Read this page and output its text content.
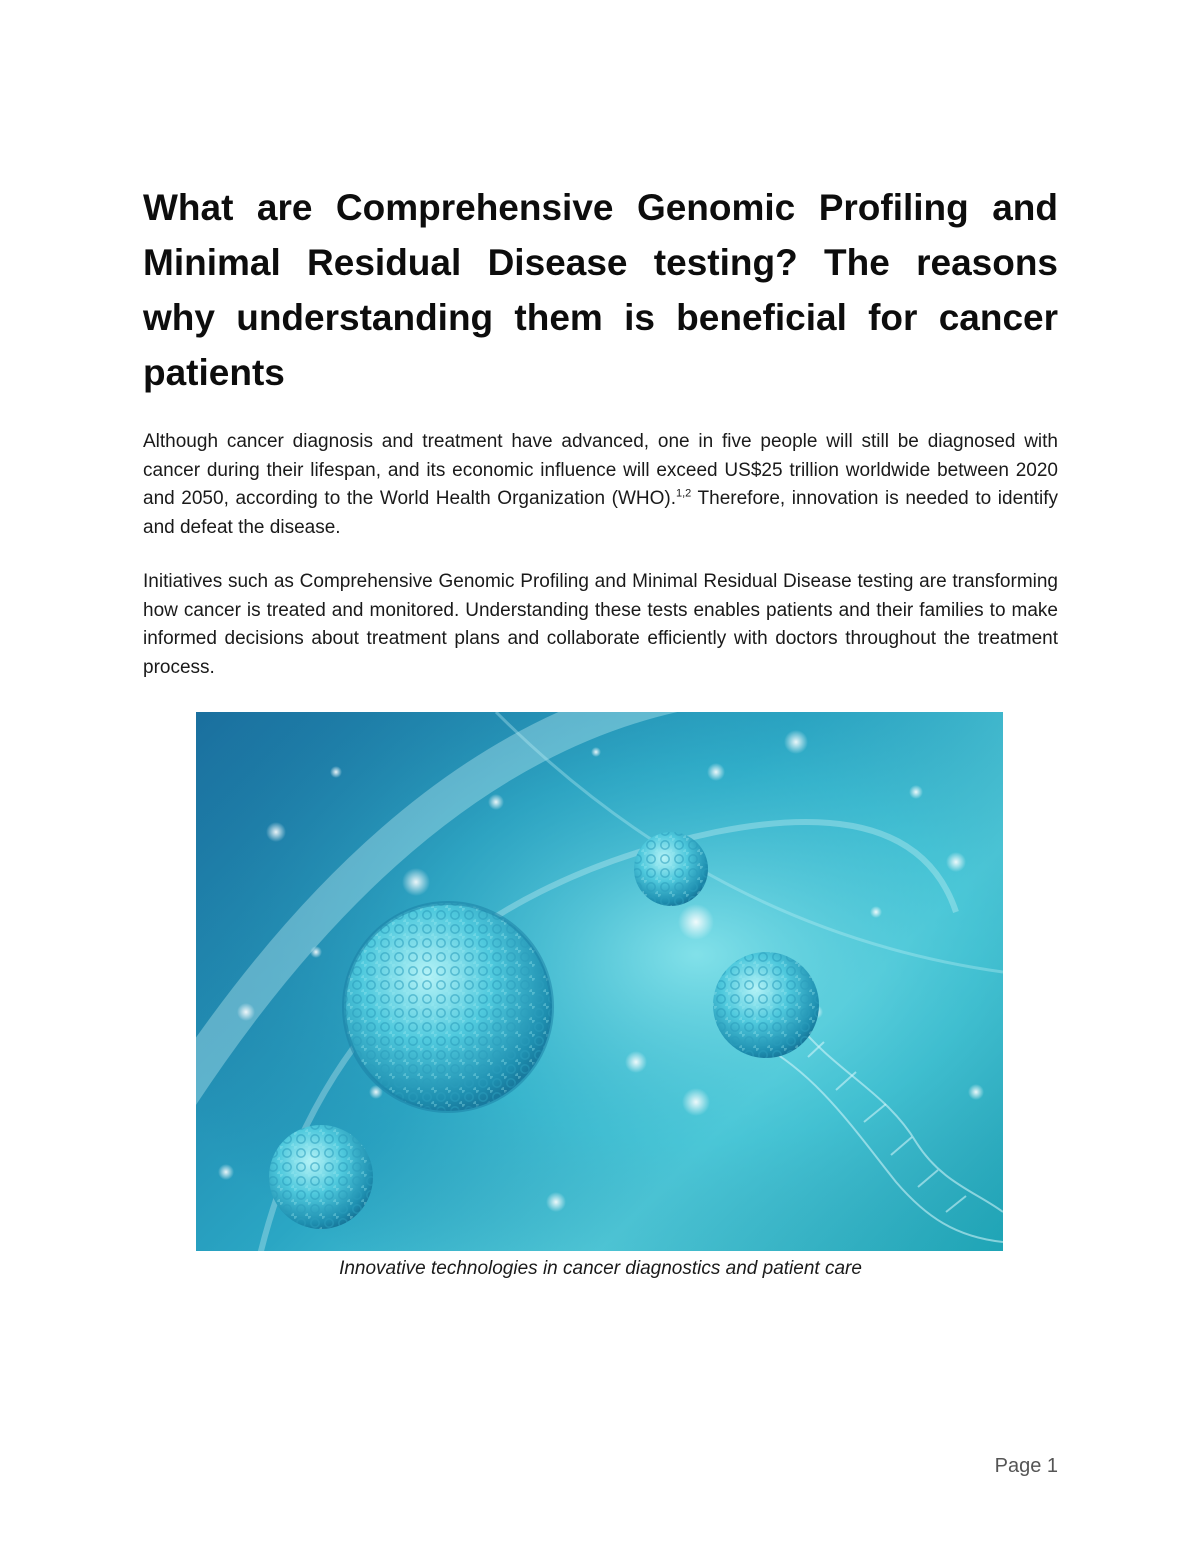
What are Comprehensive Genomic Profiling and Minimal Residual Disease testing? The reasons why understanding them is beneficial for cancer patients

Although cancer diagnosis and treatment have advanced, one in five people will still be diagnosed with cancer during their lifespan, and its economic influence will exceed US$25 trillion worldwide between 2020 and 2050, according to the World Health Organization (WHO).$^{1,2}$ Therefore, innovation is needed to identify and defeat the disease.

Initiatives such as Comprehensive Genomic Profiling and Minimal Residual Disease testing are transforming how cancer is treated and monitored. Understanding these tests enables patients and their families to make informed decisions about treatment plans and collaborate efficiently with doctors throughout the treatment process.

Innovative technologies in cancer diagnostics and patient care

Page 1
